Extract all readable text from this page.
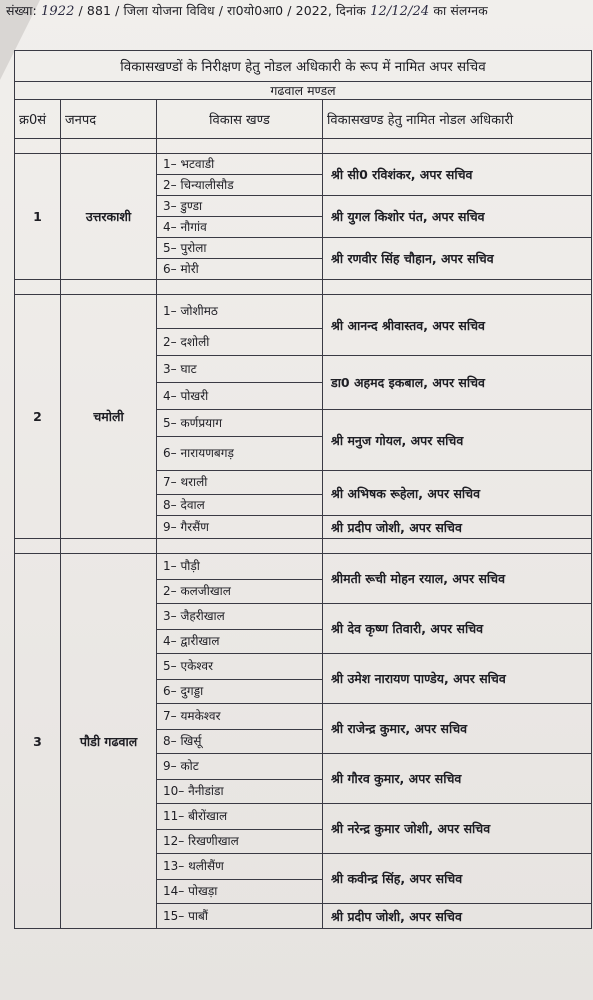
संख्या: 1922 / 881 / जिला योजना विविध / रा0यो0आ0 / 2022, दिनांक 12/12/24 का संलग्नक
विकासखण्डों के निरीक्षण हेतु नोडल अधिकारी के रूप में नामित अपर सचिव			
गढवाल मण्डल			
क्र0सं	जनपद	विकास खण्ड	विकासखण्ड हेतु नामित नोडल अधिकारी

1	उत्तरकाशी	1– भटवाडी	श्री सी0 रविशंकर, अपर सचिव
		2– चिन्यालीसौड	
		3– डुण्डा	श्री युगल किशोर पंत, अपर सचिव
		4– नौगांव	
		5– पुरोला	श्री रणवीर सिंह चौहान, अपर सचिव
		6– मोरी	

2	चमोली	1– जोशीमठ	श्री आनन्द श्रीवास्तव, अपर सचिव
		2– दशोली	
		3– घाट	डा0 अहमद इकबाल, अपर सचिव
		4– पोखरी	
		5– कर्णप्रयाग	श्री मनुज गोयल, अपर सचिव
		6– नारायणबगड़	
		7– थराली	श्री अभिषक रूहेला, अपर सचिव
		8– देवाल	
		9– गैरसैंण	श्री प्रदीप जोशी, अपर सचिव

3	पौडी गढवाल	1– पौड़ी	श्रीमती रूची मोहन रयाल, अपर सचिव
		2– कलजीखाल	
		3– जैहरीखाल	श्री देव कृष्ण तिवारी, अपर सचिव
		4– द्वारीखाल	
		5– एकेश्वर	श्री उमेश नारायण पाण्डेय, अपर सचिव
		6– दुगड्डा	
		7– यमकेश्वर	श्री राजेन्द्र कुमार, अपर सचिव
		8– खिर्सू	
		9– कोट	श्री गौरव कुमार, अपर सचिव
		10– नैनीडांडा	
		11– बीरोंखाल	श्री नरेन्द्र कुमार जोशी, अपर सचिव
		12– रिखणीखाल	
		13– थलीसैंण	श्री कवीन्द्र सिंह, अपर सचिव
		14– पोखड़ा	
		15– पाबौं	श्री प्रदीप जोशी, अपर सचिव
